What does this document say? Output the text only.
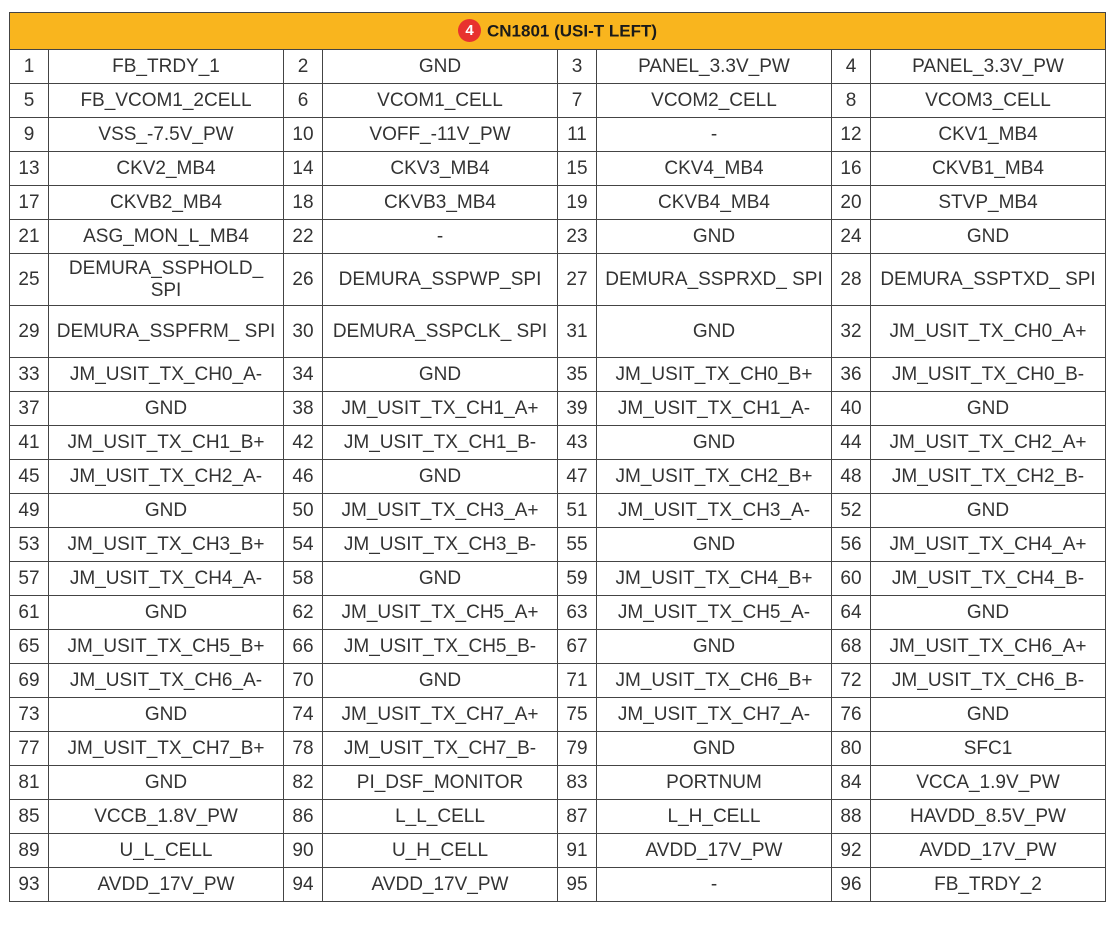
4 CN1801 (USI-T LEFT)							
1	FB_TRDY_1	2	GND	3	PANEL_3.3V_PW	4	PANEL_3.3V_PW
5	FB_VCOM1_2CELL	6	VCOM1_CELL	7	VCOM2_CELL	8	VCOM3_CELL
9	VSS_-7.5V_PW	10	VOFF_-11V_PW	11	-	12	CKV1_MB4
13	CKV2_MB4	14	CKV3_MB4	15	CKV4_MB4	16	CKVB1_MB4
17	CKVB2_MB4	18	CKVB3_MB4	19	CKVB4_MB4	20	STVP_MB4
21	ASG_MON_L_MB4	22	-	23	GND	24	GND
25	DEMURA_SSPHOLD_ SPI	26	DEMURA_SSPWP_SPI	27	DEMURA_SSPRXD_ SPI	28	DEMURA_SSPTXD_ SPI
29	DEMURA_SSPFRM_ SPI	30	DEMURA_SSPCLK_ SPI	31	GND	32	JM_USIT_TX_CH0_A+
33	JM_USIT_TX_CH0_A-	34	GND	35	JM_USIT_TX_CH0_B+	36	JM_USIT_TX_CH0_B-
37	GND	38	JM_USIT_TX_CH1_A+	39	JM_USIT_TX_CH1_A-	40	GND
41	JM_USIT_TX_CH1_B+	42	JM_USIT_TX_CH1_B-	43	GND	44	JM_USIT_TX_CH2_A+
45	JM_USIT_TX_CH2_A-	46	GND	47	JM_USIT_TX_CH2_B+	48	JM_USIT_TX_CH2_B-
49	GND	50	JM_USIT_TX_CH3_A+	51	JM_USIT_TX_CH3_A-	52	GND
53	JM_USIT_TX_CH3_B+	54	JM_USIT_TX_CH3_B-	55	GND	56	JM_USIT_TX_CH4_A+
57	JM_USIT_TX_CH4_A-	58	GND	59	JM_USIT_TX_CH4_B+	60	JM_USIT_TX_CH4_B-
61	GND	62	JM_USIT_TX_CH5_A+	63	JM_USIT_TX_CH5_A-	64	GND
65	JM_USIT_TX_CH5_B+	66	JM_USIT_TX_CH5_B-	67	GND	68	JM_USIT_TX_CH6_A+
69	JM_USIT_TX_CH6_A-	70	GND	71	JM_USIT_TX_CH6_B+	72	JM_USIT_TX_CH6_B-
73	GND	74	JM_USIT_TX_CH7_A+	75	JM_USIT_TX_CH7_A-	76	GND
77	JM_USIT_TX_CH7_B+	78	JM_USIT_TX_CH7_B-	79	GND	80	SFC1
81	GND	82	PI_DSF_MONITOR	83	PORTNUM	84	VCCA_1.9V_PW
85	VCCB_1.8V_PW	86	L_L_CELL	87	L_H_CELL	88	HAVDD_8.5V_PW
89	U_L_CELL	90	U_H_CELL	91	AVDD_17V_PW	92	AVDD_17V_PW
93	AVDD_17V_PW	94	AVDD_17V_PW	95	-	96	FB_TRDY_2
